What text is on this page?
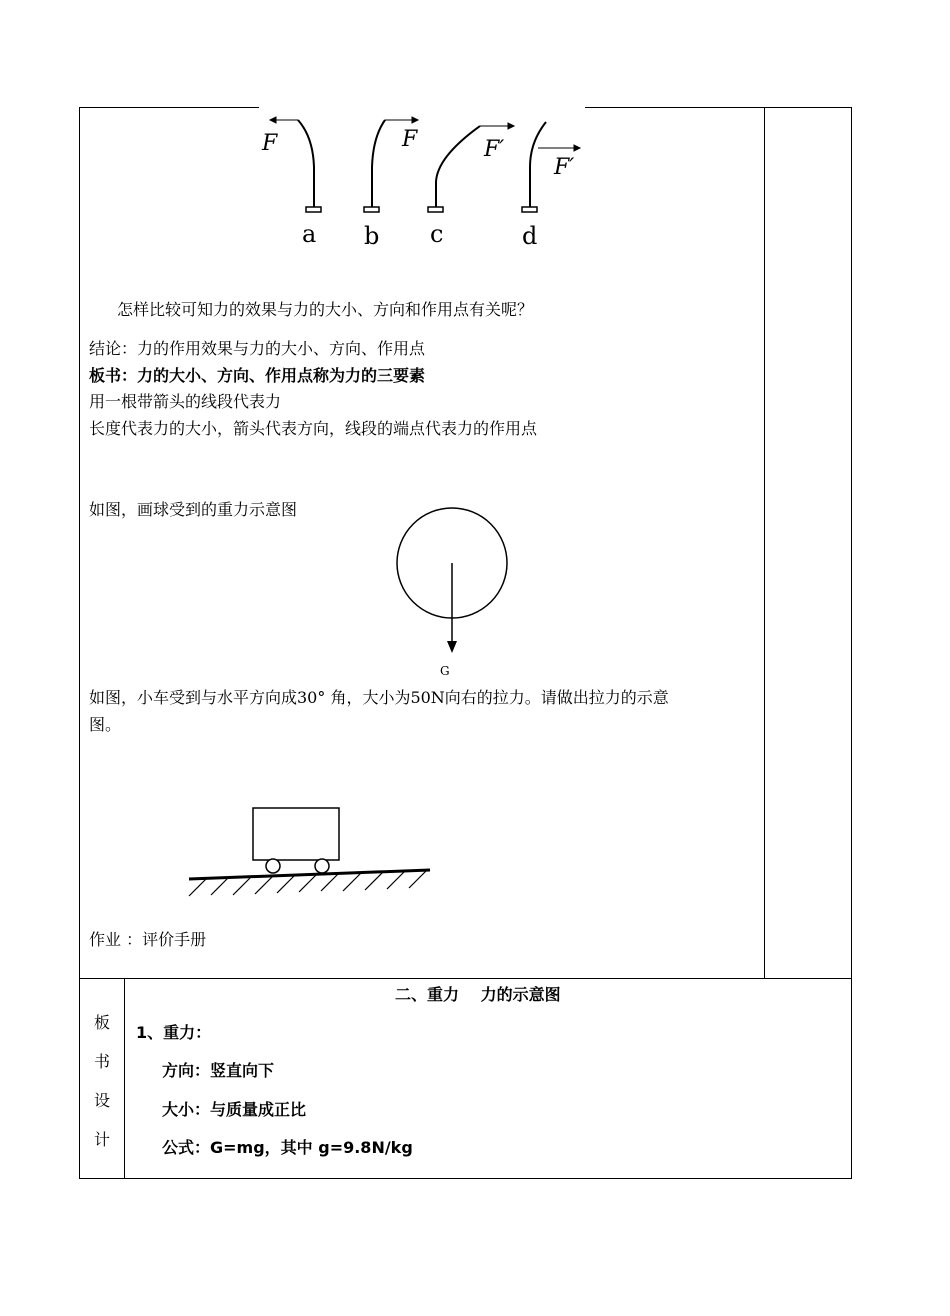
F	F	F′
F′
a b c	d
怎样比较可知力的效果与力的大小、方向和作用点有关呢？
结论：力的作用效果与力的大小、方向、作用点
板书：力的大小、方向、作用点称为力的三要素
用一根带箭头的线段代表力
长度代表力的大小，箭头代表方向，线段的端点代表力的作用点
如图，画球受到的重力示意图
G
如图，小车受到与水平方向成30° 角，大小为50N向右的拉力。请做出拉力的示意
图。
作业 ：评价手册
板
书
设
计
二、重力　 力的示意图
1、重力：
方向：竖直向下
大小：与质量成正比
公式：G=mg，其中 g=9.8N/kg
